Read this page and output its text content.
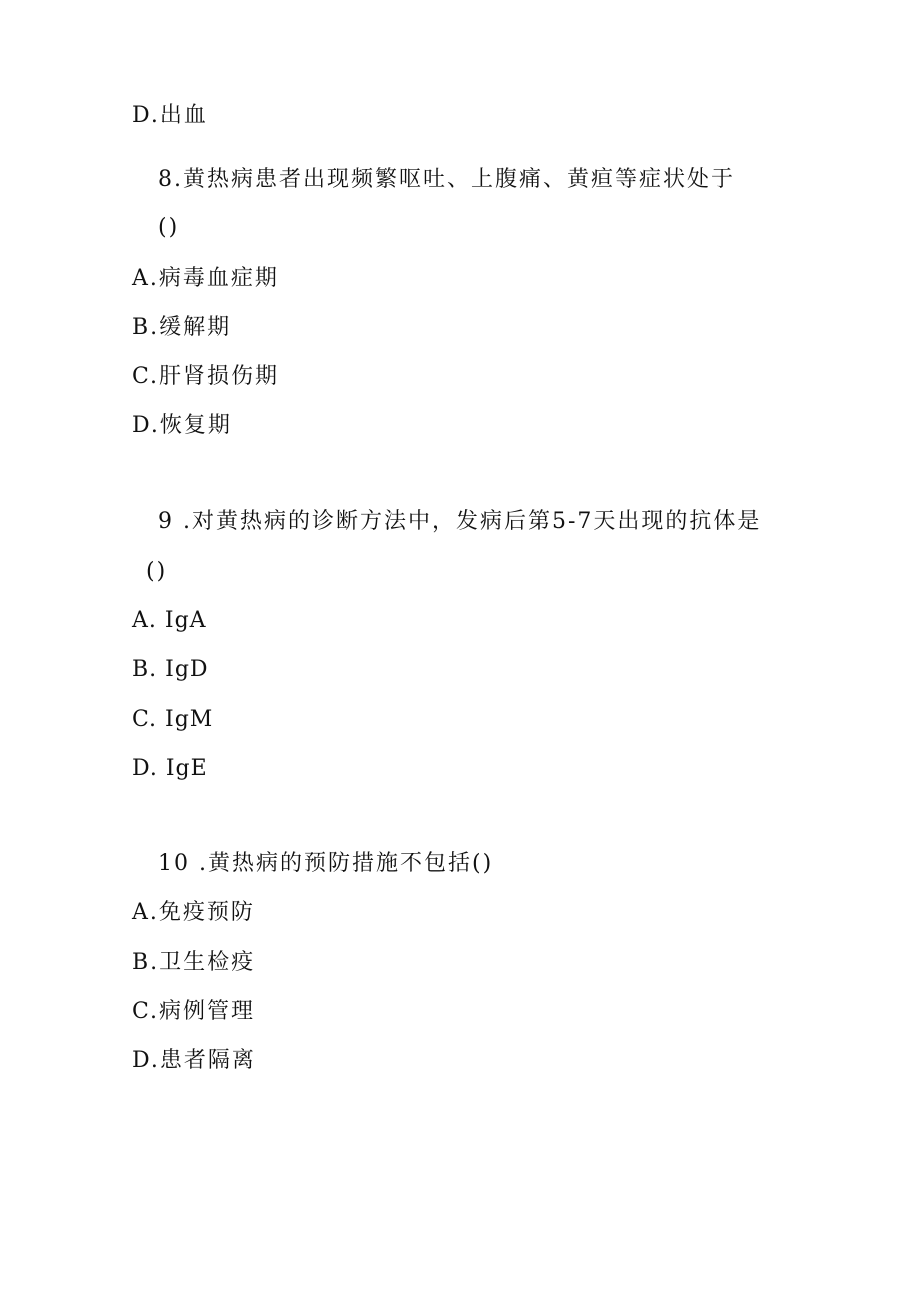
D.出血
8.黄热病患者出现频繁呕吐、上腹痛、黄疸等症状处于
()
A.病毒血症期
B.缓解期
C.肝肾损伤期
D.恢复期
9 .对黄热病的诊断方法中，发病后第5-7天出现的抗体是
()
A. IgA
B. IgD
C. IgM
D. IgE
10 .黄热病的预防措施不包括()
A.免疫预防
B.卫生检疫
C.病例管理
D.患者隔离
